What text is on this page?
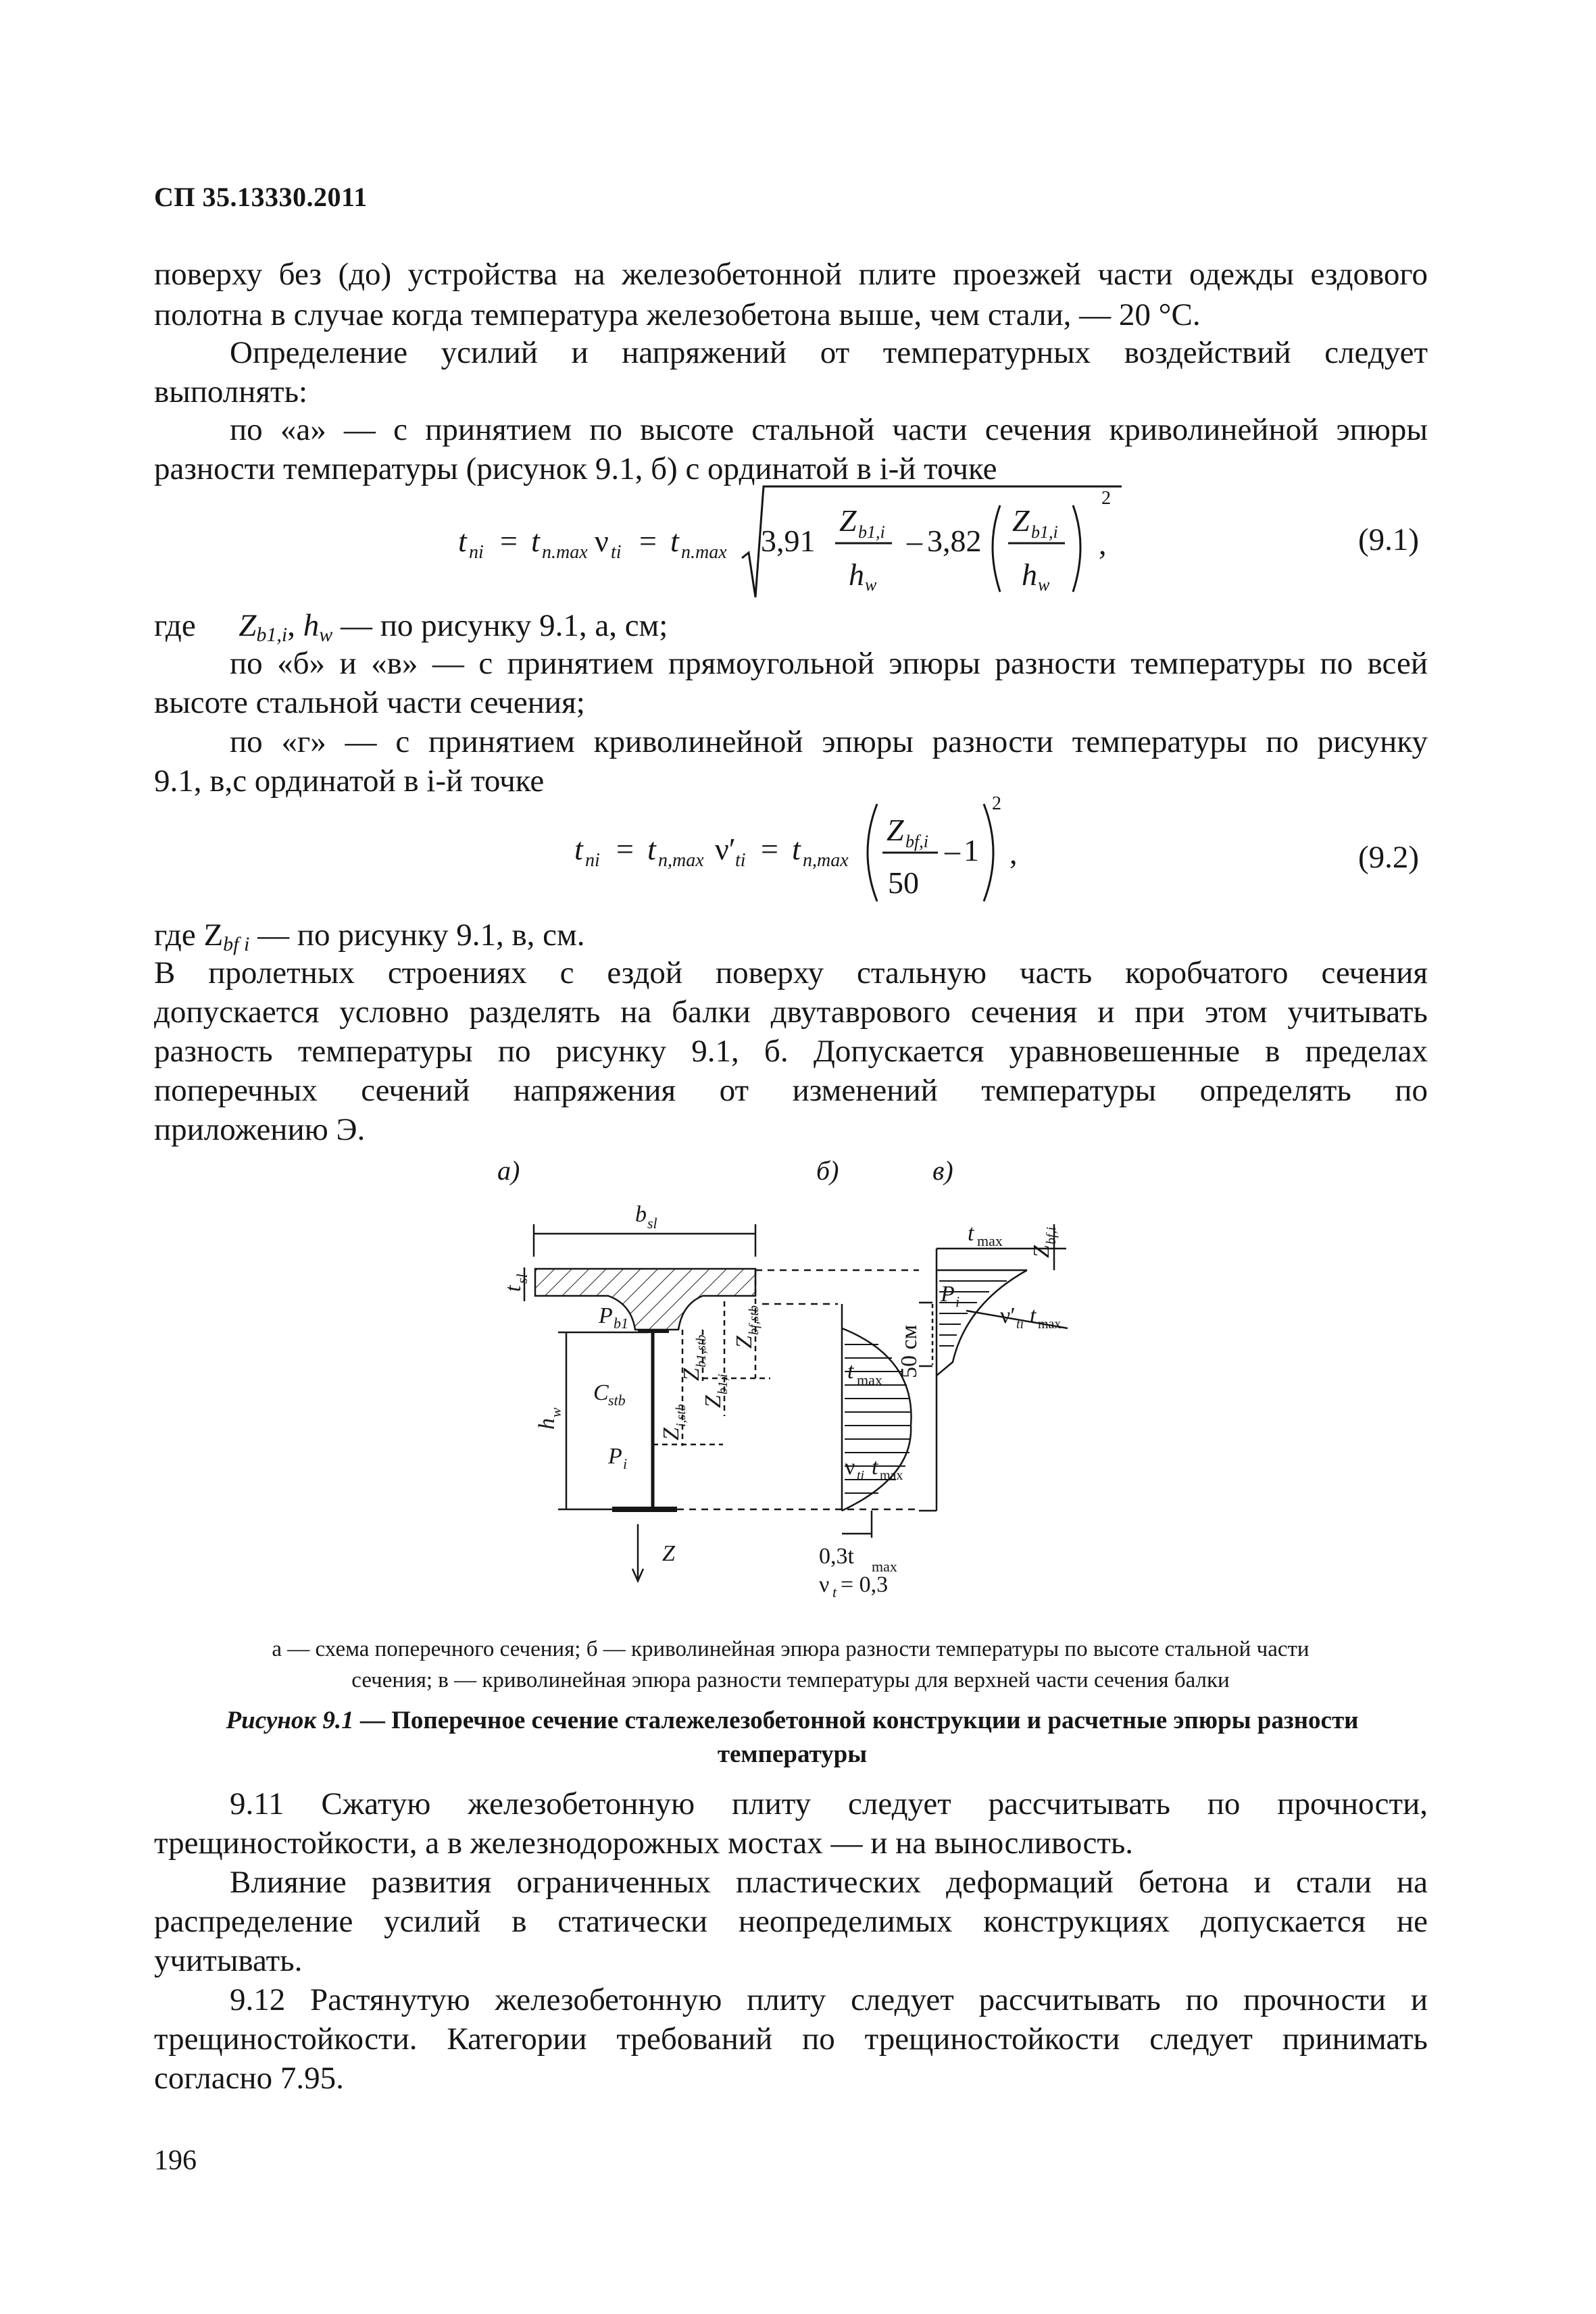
СП 35.13330.2011
поверху без (до) устройства на железобетонной плите проезжей части одежды ездового
полотна в случае когда температура железобетона выше, чем стали, — 20 °С.
Определение усилий и напряжений от температурных воздействий следует
выполнять:
по «а» — с принятием по высоте стальной части сечения криволинейной эпюры
разности температуры (рисунок 9.1, б) с ординатой в i-й точке
t ni = t n.max ν ti = t n.max 3,91
Z b1,i
h w
– 3,82
Z b1,i
h w
2
,	(9.1)
где $Z_{b1,i}$, $h_w$ — по рисунку 9.1, а, см;
по «б» и «в» — с принятием прямоугольной эпюры разности температуры по всей
высоте стальной части сечения;
по «г» — с принятием криволинейной эпюры разности температуры по рисунку
9.1, в,с ординатой в i-й точке
t ni = t n,max ν′ ti = t n,max
Z bf,i
50
– 1
2
,	(9.2)
где $Z_{bf i}$ — по рисунку 9.1, в, см.
В пролетных строениях с ездой поверху стальную часть коробчатого сечения
допускается условно разделять на балки двутаврового сечения и при этом учитывать
разность температуры по рисунку 9.1, б. Допускается уравновешенные в пределах
поперечных сечений напряжения от изменений температуры определять по
приложению Э.
а)	б)	в)
b sl
t
sl
P b1
C stb
h
w
P i
Z
Z
bf,stb
Z
b1,stb
Z
b1,i
Z
i,stb
t max
ν ti t max
0,3t max
ν t = 0,3
50 см
t max
P i
Z
bf,i
ν′ ti t max
а — схема поперечного сечения; б — криволинейная эпюра разности температуры по высоте стальной части
сечения; в — криволинейная эпюра разности температуры для верхней части сечения балки
Рисунок 9.1 — Поперечное сечение сталежелезобетонной конструкции и расчетные эпюры разности
температуры
9.11 Сжатую железобетонную плиту следует рассчитывать по прочности,
трещиностойкости, а в железнодорожных мостах — и на выносливость.
Влияние развития ограниченных пластических деформаций бетона и стали на
распределение усилий в статически неопределимых конструкциях допускается не
учитывать.
9.12 Растянутую железобетонную плиту следует рассчитывать по прочности и
трещиностойкости. Категории требований по трещиностойкости следует принимать
согласно 7.95.
196
